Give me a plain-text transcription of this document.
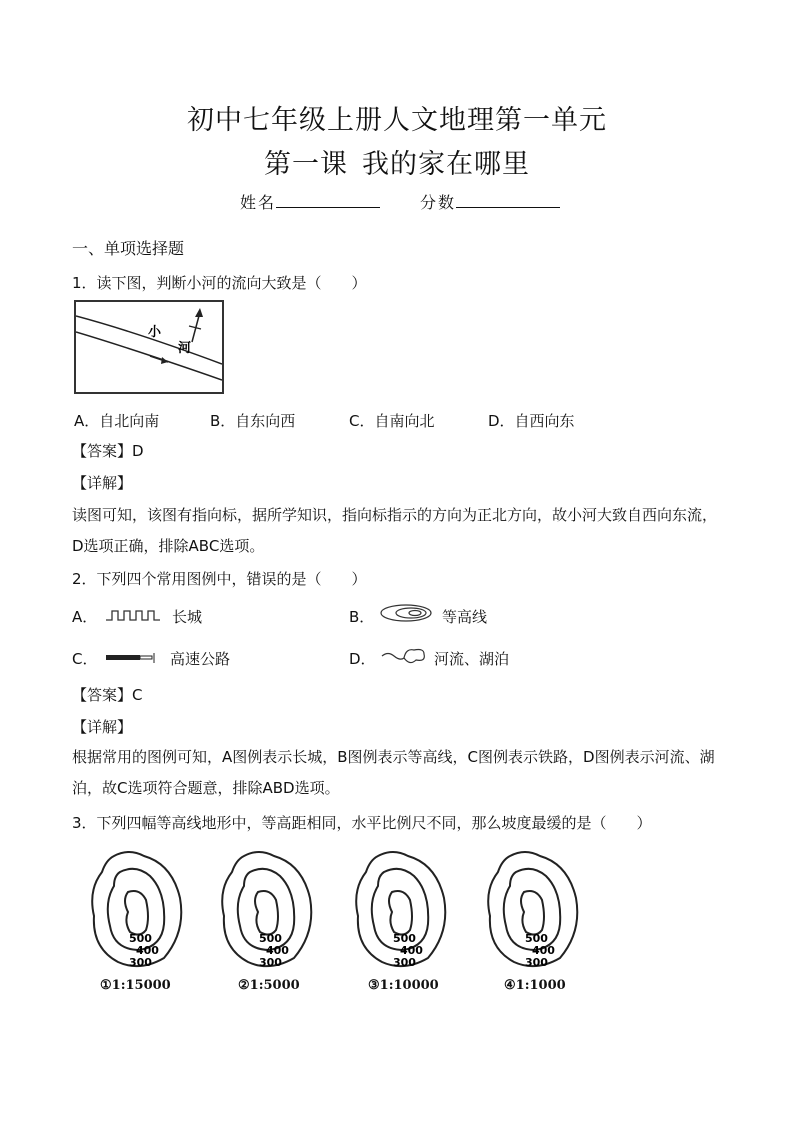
初中七年级上册人文地理第一单元
第一课 我的家在哪里
姓名	分数
一、单项选择题
1．读下图，判断小河的流向大致是（　　）
小
河
A．自北向南	B．自东向西	C．自南向北	D．自西向东
【答案】D
【详解】
读图可知，该图有指向标，据所学知识，指向标指示的方向为正北方向，故小河大致自西向东流，D选项正确，排除ABC选项。
2．下列四个常用图例中，错误的是（　　）
A．	长城	B．	等高线
C．	高速公路	D．	河流、湖泊
【答案】C
【详解】
根据常用的图例可知，A图例表示长城，B图例表示等高线，C图例表示铁路，D图例表示河流、湖泊，故C选项符合题意，排除ABD选项。
3．下列四幅等高线地形中，等高距相同，水平比例尺不同，那么坡度最缓的是（　　）
500
400
300
500
400
300
500
400
300
500
400
300
①1:15000	②1:5000	③1:10000	④1:1000
